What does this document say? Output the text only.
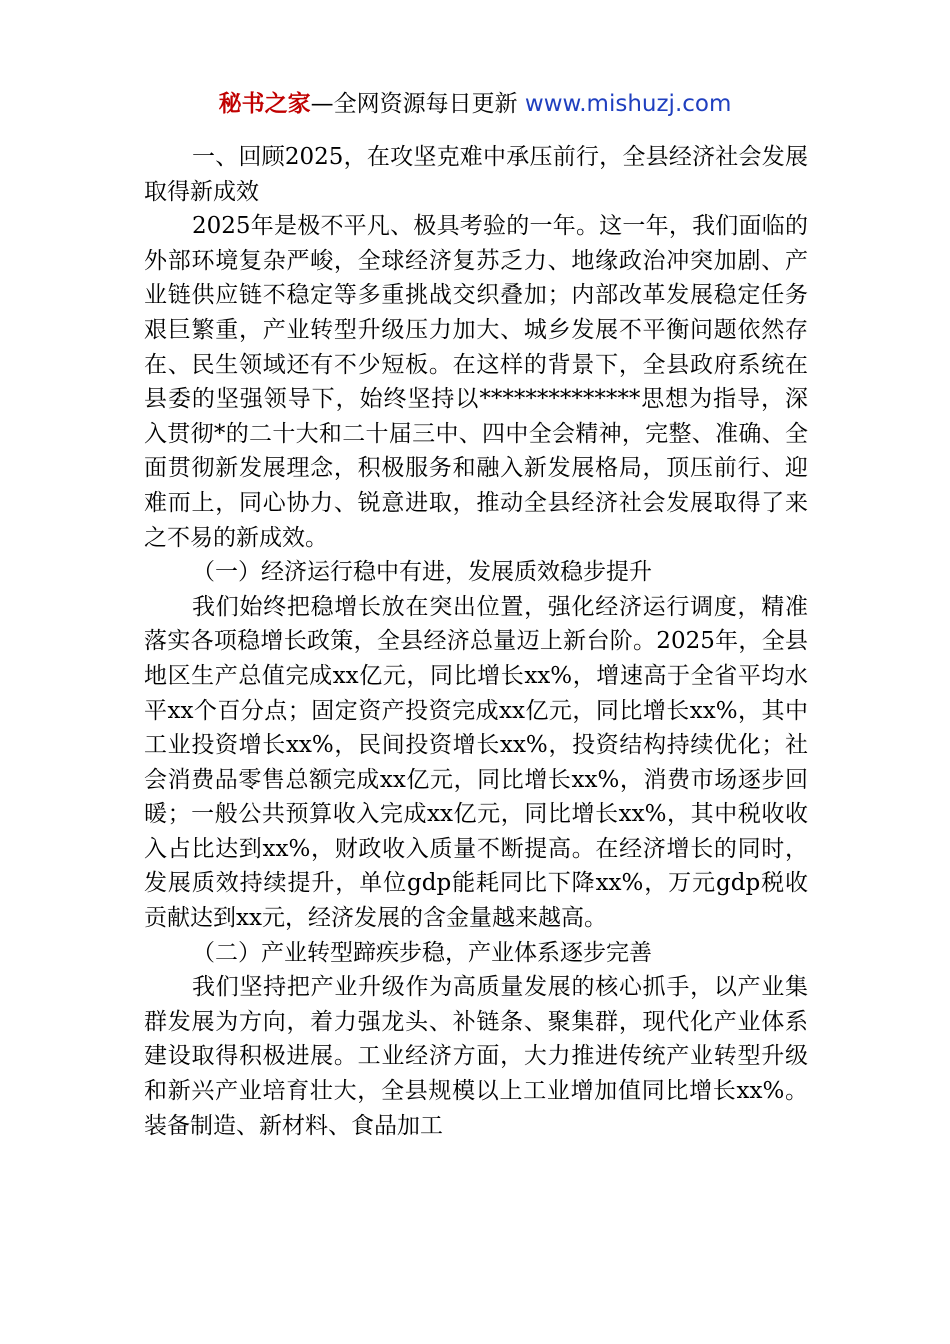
秘书之家—全网资源每日更新 www.mishuzj.com

一、回顾2025，在攻坚克难中承压前行，全县经济社会发展取得新成效

2025年是极不平凡、极具考验的一年。这一年，我们面临的外部环境复杂严峻，全球经济复苏乏力、地缘政治冲突加剧、产业链供应链不稳定等多重挑战交织叠加；内部改革发展稳定任务艰巨繁重，产业转型升级压力加大、城乡发展不平衡问题依然存在、民生领域还有不少短板。在这样的背景下，全县政府系统在县委的坚强领导下，始终坚持以**************思想为指导，深入贯彻*的二十大和二十届三中、四中全会精神，完整、准确、全面贯彻新发展理念，积极服务和融入新发展格局，顶压前行、迎难而上，同心协力、锐意进取，推动全县经济社会发展取得了来之不易的新成效。

（一）经济运行稳中有进，发展质效稳步提升

我们始终把稳增长放在突出位置，强化经济运行调度，精准落实各项稳增长政策，全县经济总量迈上新台阶。2025年，全县地区生产总值完成xx亿元，同比增长xx%，增速高于全省平均水平xx个百分点；固定资产投资完成xx亿元，同比增长xx%，其中工业投资增长xx%，民间投资增长xx%，投资结构持续优化；社会消费品零售总额完成xx亿元，同比增长xx%，消费市场逐步回暖；一般公共预算收入完成xx亿元，同比增长xx%，其中税收收入占比达到xx%，财政收入质量不断提高。在经济增长的同时，发展质效持续提升，单位gdp能耗同比下降xx%，万元gdp税收贡献达到xx元，经济发展的含金量越来越高。

（二）产业转型蹄疾步稳，产业体系逐步完善

我们坚持把产业升级作为高质量发展的核心抓手，以产业集群发展为方向，着力强龙头、补链条、聚集群，现代化产业体系建设取得积极进展。工业经济方面，大力推进传统产业转型升级和新兴产业培育壮大，全县规模以上工业增加值同比增长xx%。装备制造、新材料、食品加工
